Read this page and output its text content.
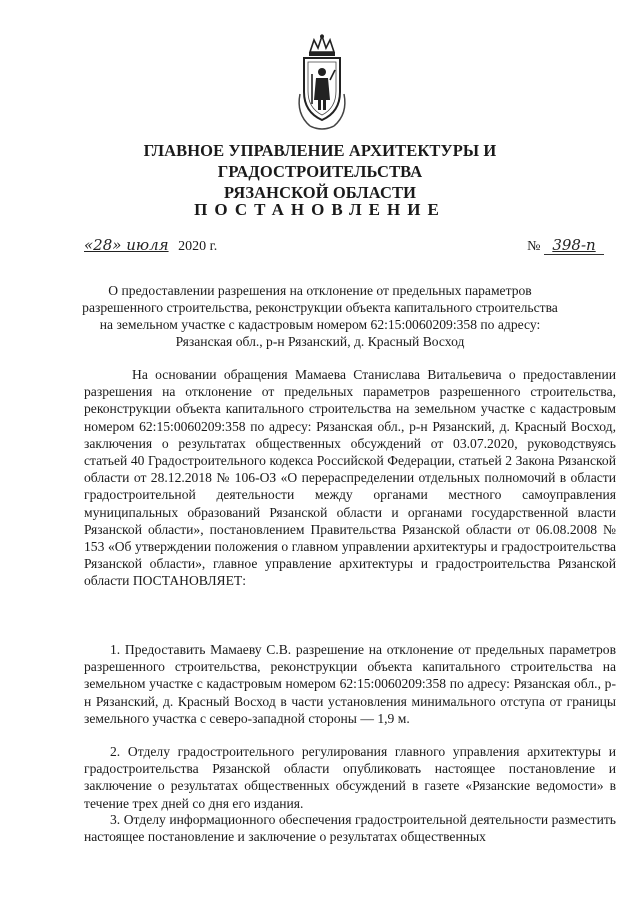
ГЛАВНОЕ УПРАВЛЕНИЕ АРХИТЕКТУРЫ И ГРАДОСТРОИТЕЛЬСТВА
РЯЗАНСКОЙ ОБЛАСТИ
ПОСТАНОВЛЕНИЕ
«28» июля 2020 г.	№ 398-п
О предоставлении разрешения на отклонение от предельных параметров
разрешенного строительства, реконструкции объекта капитального строительства
на земельном участке с кадастровым номером 62:15:0060209:358 по адресу:
Рязанская обл., р-н Рязанский, д. Красный Восход
На основании обращения Мамаева Станислава Витальевича о предоставлении разрешения на отклонение от предельных параметров разрешенного строительства, реконструкции объекта капитального строительства на земельном участке с кадастровым номером 62:15:0060209:358 по адресу: Рязанская обл., р-н Рязанский, д. Красный Восход, заключения о результатах общественных обсуждений от 03.07.2020, руководствуясь статьей 40 Градостроительного кодекса Российской Федерации, статьей 2 Закона Рязанской области от 28.12.2018 № 106-ОЗ «О перераспределении отдельных полномочий в области градостроительной деятельности между органами местного самоуправления муниципальных образований Рязанской области и органами государственной власти Рязанской области», постановлением Правительства Рязанской области от 06.08.2008 № 153 «Об утверждении положения о главном управлении архитектуры и градостроительства Рязанской области», главное управление архитектуры и градостроительства Рязанской области ПОСТАНОВЛЯЕТ:
1. Предоставить Мамаеву С.В. разрешение на отклонение от предельных параметров разрешенного строительства, реконструкции объекта капитального строительства на земельном участке с кадастровым номером 62:15:0060209:358 по адресу: Рязанская обл., р-н Рязанский, д. Красный Восход в части установления минимального отступа от границы земельного участка с северо-западной стороны — 1,9 м.
2. Отделу градостроительного регулирования главного управления архитектуры и градостроительства Рязанской области опубликовать настоящее постановление и заключение о результатах общественных обсуждений в газете «Рязанские ведомости» в течение трех дней со дня его издания.
3. Отделу информационного обеспечения градостроительной деятельности разместить настоящее постановление и заключение о результатах общественных
